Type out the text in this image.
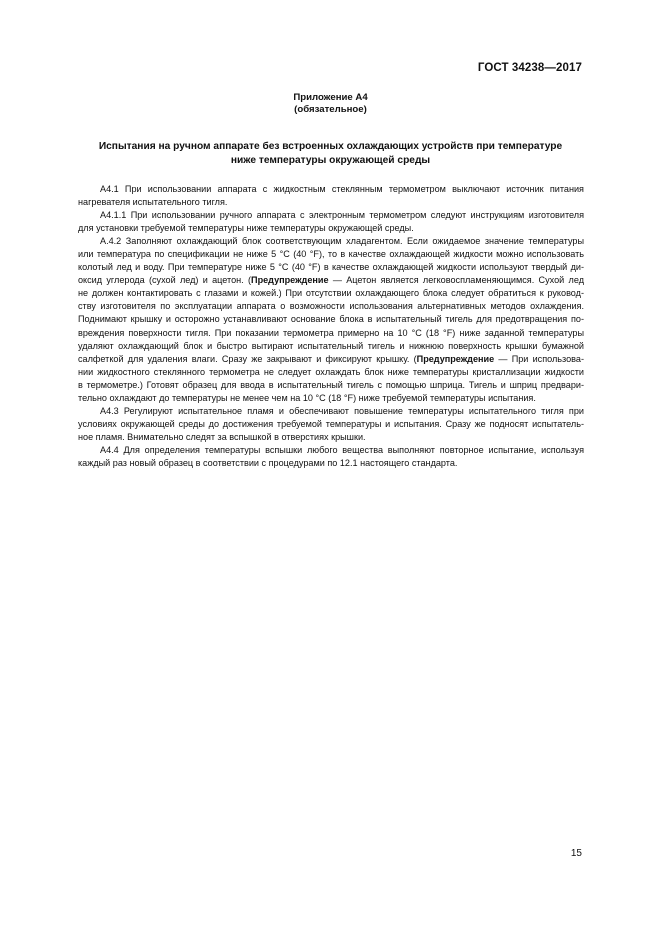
ГОСТ 34238—2017
Приложение А4
(обязательное)
Испытания на ручном аппарате без встроенных охлаждающих устройств при температуре
ниже температуры окружающей среды

А4.1 При использовании аппарата с жидкостным стеклянным термометром выключают источник питания
нагревателя испытательного тигля.

А4.1.1 При использовании ручного аппарата с электронным термометром следуют инструкциям изготовителя
для установки требуемой температуры ниже температуры окружающей среды.

А.4.2 Заполняют охлаждающий блок соответствующим хладагентом. Если ожидаемое значение температуры
или температура по спецификации не ниже 5 °C (40 °F), то в качестве охлаждающей жидкости можно использовать
колотый лед и воду. При температуре ниже 5 °C (40 °F) в качестве охлаждающей жидкости используют твердый ди-
оксид углерода (сухой лед) и ацетон. (Предупреждение — Ацетон является легковоспламеняющимся. Сухой лед
не должен контактировать с глазами и кожей.) При отсутствии охлаждающего блока следует обратиться к руковод-
ству изготовителя по эксплуатации аппарата о возможности использования альтернативных методов охлаждения.
Поднимают крышку и осторожно устанавливают основание блока в испытательный тигель для предотвращения по-
вреждения поверхности тигля. При показании термометра примерно на 10 °C (18 °F) ниже заданной температуры
удаляют охлаждающий блок и быстро вытирают испытательный тигель и нижнюю поверхность крышки бумажной
салфеткой для удаления влаги. Сразу же закрывают и фиксируют крышку. (Предупреждение — При использова-
нии жидкостного стеклянного термометра не следует охлаждать блок ниже температуры кристаллизации жидкости
в термометре.) Готовят образец для ввода в испытательный тигель с помощью шприца. Тигель и шприц предвари-
тельно охлаждают до температуры не менее чем на 10 °C (18 °F) ниже требуемой температуры испытания.

А4.3 Регулируют испытательное пламя и обеспечивают повышение температуры испытательного тигля при
условиях окружающей среды до достижения требуемой температуры и испытания. Сразу же подносят испытатель-
ное пламя. Внимательно следят за вспышкой в отверстиях крышки.

А4.4 Для определения температуры вспышки любого вещества выполняют повторное испытание, используя
каждый раз новый образец в соответствии с процедурами по 12.1 настоящего стандарта.

15
